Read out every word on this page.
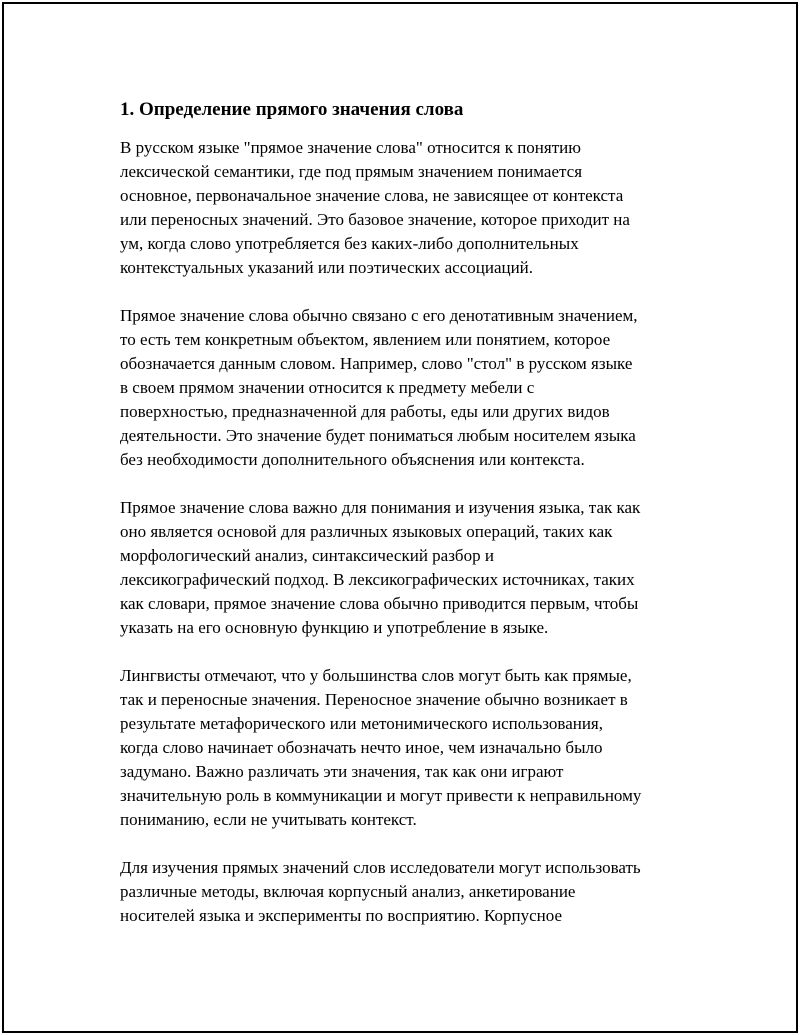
1. Определение прямого значения слова

В русском языке "прямое значение слова" относится к понятию
лексической семантики, где под прямым значением понимается
основное, первоначальное значение слова, не зависящее от контекста
или переносных значений. Это базовое значение, которое приходит на
ум, когда слово употребляется без каких-либо дополнительных
контекстуальных указаний или поэтических ассоциаций.

Прямое значение слова обычно связано с его денотативным значением,
то есть тем конкретным объектом, явлением или понятием, которое
обозначается данным словом. Например, слово "стол" в русском языке
в своем прямом значении относится к предмету мебели с
поверхностью, предназначенной для работы, еды или других видов
деятельности. Это значение будет пониматься любым носителем языка
без необходимости дополнительного объяснения или контекста.

Прямое значение слова важно для понимания и изучения языка, так как
оно является основой для различных языковых операций, таких как
морфологический анализ, синтаксический разбор и
лексикографический подход. В лексикографических источниках, таких
как словари, прямое значение слова обычно приводится первым, чтобы
указать на его основную функцию и употребление в языке.

Лингвисты отмечают, что у большинства слов могут быть как прямые,
так и переносные значения. Переносное значение обычно возникает в
результате метафорического или метонимического использования,
когда слово начинает обозначать нечто иное, чем изначально было
задумано. Важно различать эти значения, так как они играют
значительную роль в коммуникации и могут привести к неправильному
пониманию, если не учитывать контекст.

Для изучения прямых значений слов исследователи могут использовать
различные методы, включая корпусный анализ, анкетирование
носителей языка и эксперименты по восприятию. Корпусное
